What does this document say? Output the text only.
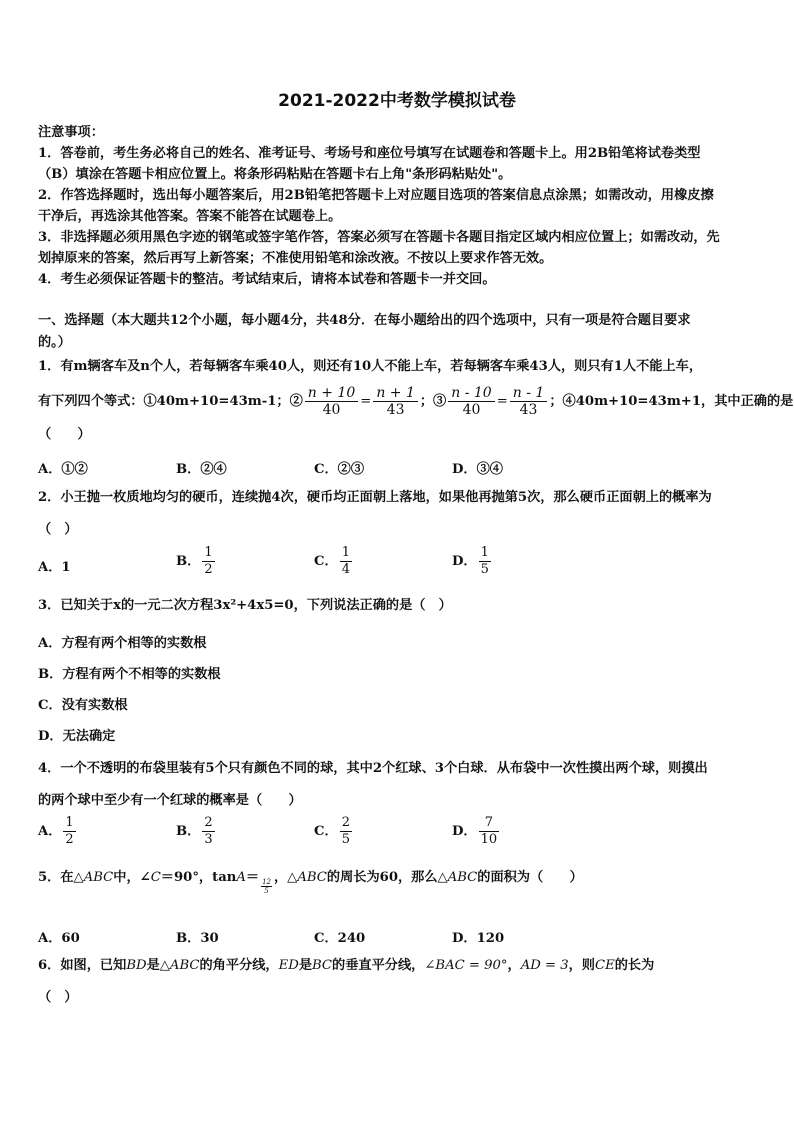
2021-2022中考数学模拟试卷
注意事项：
1．答卷前，考生务必将自己的姓名、准考证号、考场号和座位号填写在试题卷和答题卡上。用2B铅笔将试卷类型
（B）填涂在答题卡相应位置上。将条形码粘贴在答题卡右上角"条形码粘贴处"。
2．作答选择题时，选出每小题答案后，用2B铅笔把答题卡上对应题目选项的答案信息点涂黑；如需改动，用橡皮擦
干净后，再选涂其他答案。答案不能答在试题卷上。
3．非选择题必须用黑色字迹的钢笔或签字笔作答，答案必须写在答题卡各题目指定区域内相应位置上；如需改动，先
划掉原来的答案，然后再写上新答案；不准使用铅笔和涂改液。不按以上要求作答无效。
4．考生必须保证答题卡的整洁。考试结束后，请将本试卷和答题卡一并交回。
一、选择题（本大题共12个小题，每小题4分，共48分．在每小题给出的四个选项中，只有一项是符合题目要求
的。）
1．有m辆客车及n个人，若每辆客车乘40人，则还有10人不能上车，若每辆客车乘43人，则只有1人不能上车，
有下列四个等式：①40m+10=43m-1；② $\frac{n + 10}{40} = \frac{n + 1}{43}$ ；③ $\frac{n - 10}{40} = \frac{n - 1}{43}$ ；④40m+10=43m+1，其中正确的是
（　　）
A．①②	B．②④	C．②③	D．③④
2．小王抛一枚质地均匀的硬币，连续抛4次，硬币均正面朝上落地，如果他再抛第5次，那么硬币正面朝上的概率为
（　）
A．1	B． $\frac{1}{2}$	C． $\frac{1}{4}$	D． $\frac{1}{5}$
3．已知关于x的一元二次方程3x²+4x5=0，下列说法正确的是（　）
A．方程有两个相等的实数根
B．方程有两个不相等的实数根
C．没有实数根
D．无法确定
4．一个不透明的布袋里装有5个只有颜色不同的球，其中2个红球、3个白球．从布袋中一次性摸出两个球，则摸出
的两个球中至少有一个红球的概率是（　　）
A． $\frac{1}{2}$	B． $\frac{2}{3}$	C． $\frac{2}{5}$	D． $\frac{7}{10}$
5．在△ABC中，∠C＝90°，tanA＝
$\frac{12}{5}$
，△ABC的周长为60，那么△ABC的面积为（　　）
A．60	B．30	C．240	D．120
6．如图，已知BD是△ABC的角平分线，ED是BC的垂直平分线，∠BAC = 90°，AD = 3，则CE的长为
（　）
